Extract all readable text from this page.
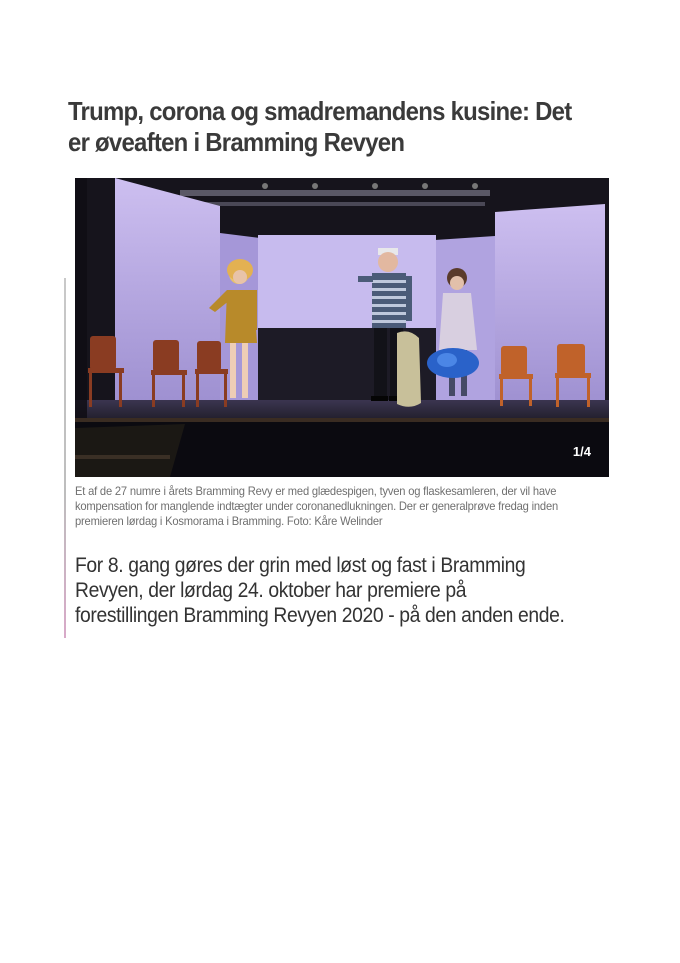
Trump, corona og smadremandens kusine: Det er øveaften i Bramming Revyen
1/4
Et af de 27 numre i årets Bramming Revy er med glædespigen, tyven og flaskesamleren, der vil have kompensation for manglende indtægter under coronanedlukningen. Der er generalprøve fredag inden premieren lørdag i Kosmorama i Bramming. Foto: Kåre Welinder

For 8. gang gøres der grin med løst og fast i Bramming Revyen, der lørdag 24. oktober har premiere på forestillingen Bramming Revyen 2020 - på den anden ende.
